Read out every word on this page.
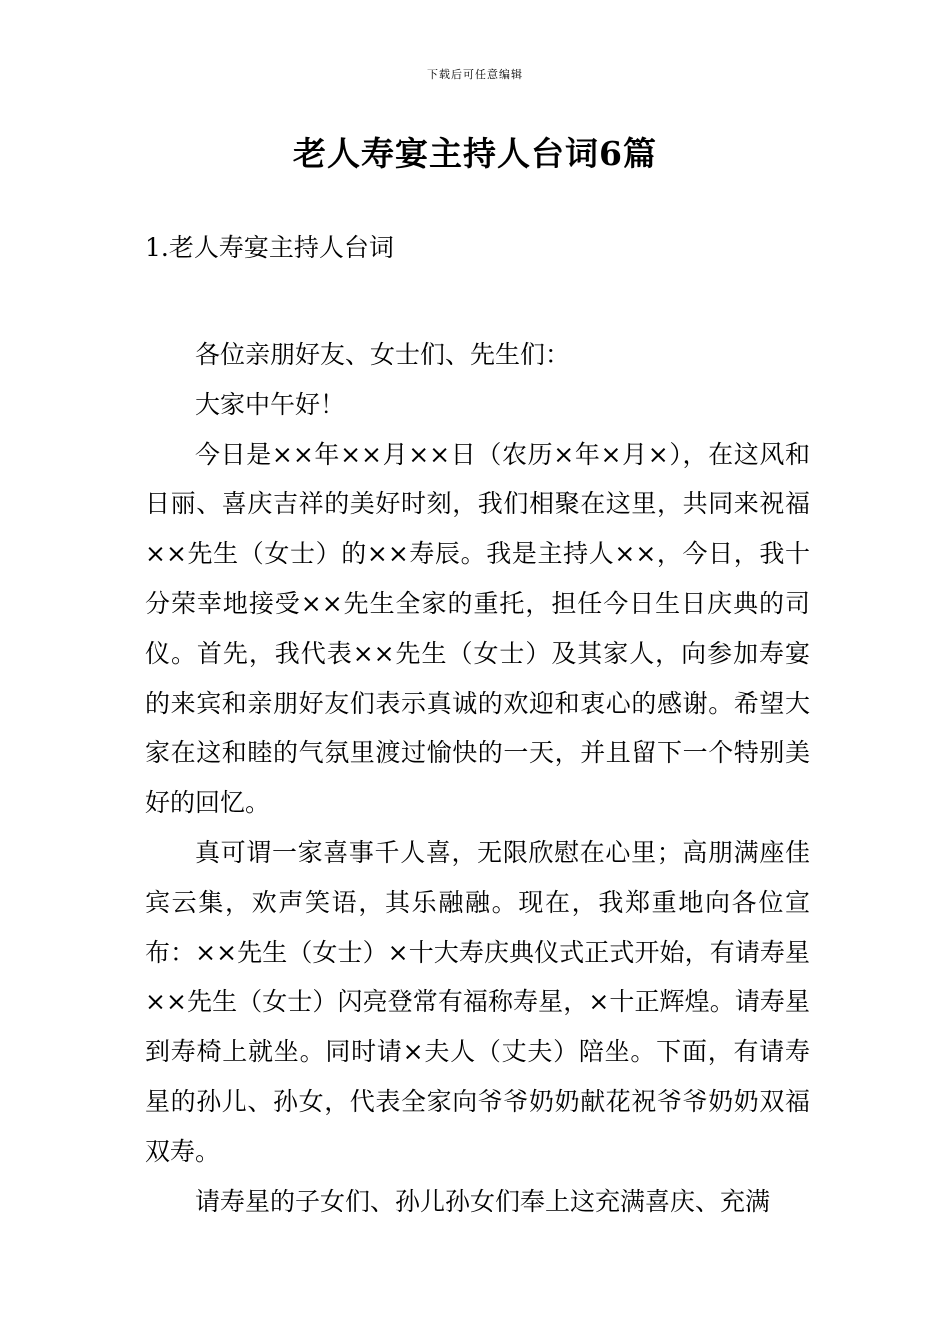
下载后可任意编辑
老人寿宴主持人台词6篇
1.老人寿宴主持人台词

各位亲朋好友、女士们、先生们：

大家中午好！

今日是××年××月××日（农历×年×月×），在这风和日丽、喜庆吉祥的美好时刻，我们相聚在这里，共同来祝福××先生（女士）的××寿辰。我是主持人××，今日，我十分荣幸地接受××先生全家的重托，担任今日生日庆典的司仪。首先，我代表××先生（女士）及其家人，向参加寿宴的来宾和亲朋好友们表示真诚的欢迎和衷心的感谢。希望大家在这和睦的气氛里渡过愉快的一天，并且留下一个特别美好的回忆。

真可谓一家喜事千人喜，无限欣慰在心里；高朋满座佳宾云集，欢声笑语，其乐融融。现在，我郑重地向各位宣布：××先生（女士）×十大寿庆典仪式正式开始，有请寿星××先生（女士）闪亮登常有福称寿星，×十正辉煌。请寿星到寿椅上就坐。同时请×夫人（丈夫）陪坐。下面，有请寿星的孙儿、孙女，代表全家向爷爷奶奶献花祝爷爷奶奶双福双寿。

请寿星的子女们、孙儿孙女们奉上这充满喜庆、充满
